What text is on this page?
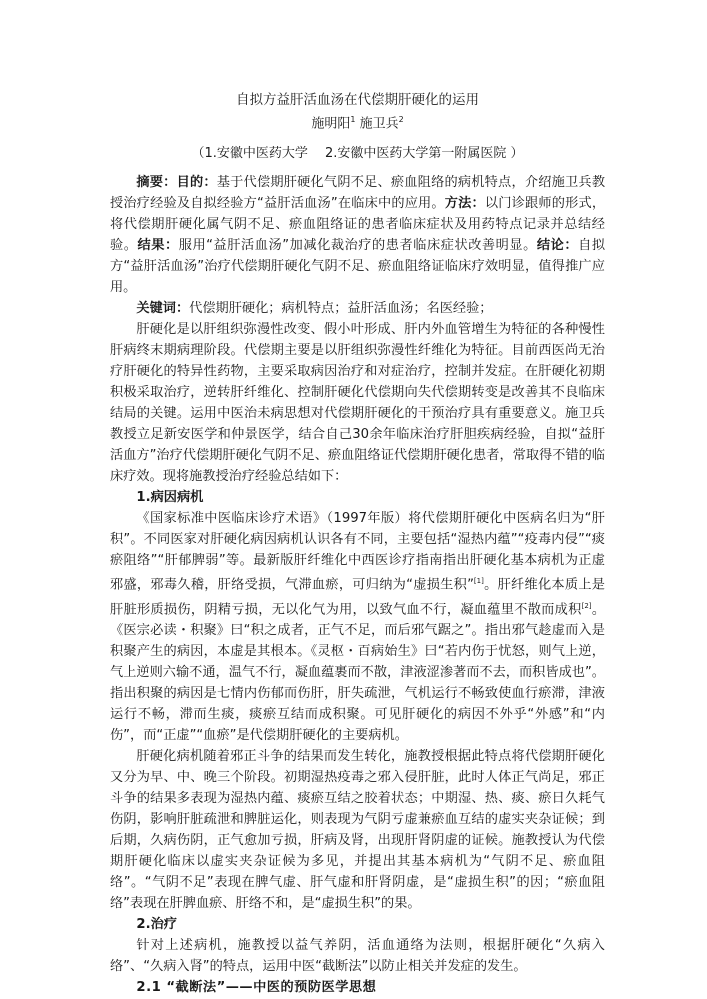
自拟方益肝活血汤在代偿期肝硬化的运用
施明阳$^1$ 施卫兵$^2$
（1.安徽中医药大学　 2.安徽中医药大学第一附属医院 ）

摘要：目的：基于代偿期肝硬化气阴不足、瘀血阻络的病机特点，介绍施卫兵教授治疗经验及自拟经验方“益肝活血汤”在临床中的应用。方法：以门诊跟师的形式，将代偿期肝硬化属气阴不足、瘀血阻络证的患者临床症状及用药特点记录并总结经验。结果：服用“益肝活血汤”加减化裁治疗的患者临床症状改善明显。结论：自拟方“益肝活血汤”治疗代偿期肝硬化气阴不足、瘀血阻络证临床疗效明显，值得推广应用。

关键词：代偿期肝硬化；病机特点；益肝活血汤；名医经验；

肝硬化是以肝组织弥漫性改变、假小叶形成、肝内外血管增生为特征的各种慢性肝病终末期病理阶段。代偿期主要是以肝组织弥漫性纤维化为特征。目前西医尚无治疗肝硬化的特异性药物，主要采取病因治疗和对症治疗，控制并发症。在肝硬化初期积极采取治疗，逆转肝纤维化、控制肝硬化代偿期向失代偿期转变是改善其不良临床结局的关键。运用中医治未病思想对代偿期肝硬化的干预治疗具有重要意义。施卫兵教授立足新安医学和仲景医学，结合自己30余年临床治疗肝胆疾病经验，自拟“益肝活血方”治疗代偿期肝硬化气阴不足、瘀血阻络证代偿期肝硬化患者，常取得不错的临床疗效。现将施教授治疗经验总结如下：

1.病因病机

《国家标准中医临床诊疗术语》（1997年版）将代偿期肝硬化中医病名归为“肝积”。不同医家对肝硬化病因病机认识各有不同，主要包括“湿热内蕴”“疫毒内侵”“痰瘀阻络”“肝郁脾弱”等。最新版肝纤维化中西医诊疗指南指出肝硬化基本病机为正虚邪盛，邪毒久稽，肝络受损，气滞血瘀，可归纳为“虚损生积”[1]。肝纤维化本质上是肝脏形质损伤，阴精亏损，无以化气为用，以致气血不行，凝血蕴里不散而成积[2]。《医宗必读・积聚》曰“积之成者，正气不足，而后邪气踞之”。指出邪气趁虚而入是积聚产生的病因，本虚是其根本。《灵枢・百病始生》曰“若内伤于忧怒，则气上逆，气上逆则六输不通，温气不行，凝血蕴裹而不散，津液涩渗著而不去，而积皆成也”。指出积聚的病因是七情内伤郁而伤肝，肝失疏泄，气机运行不畅致使血行瘀滞，津液运行不畅，滞而生痰，痰瘀互结而成积聚。可见肝硬化的病因不外乎“外感”和“内伤”，而“正虚”“血瘀”是代偿期肝硬化的主要病机。

肝硬化病机随着邪正斗争的结果而发生转化，施教授根据此特点将代偿期肝硬化又分为早、中、晚三个阶段。初期湿热疫毒之邪入侵肝脏，此时人体正气尚足，邪正斗争的结果多表现为湿热内蕴、痰瘀互结之胶着状态；中期湿、热、痰、瘀日久耗气伤阴，影响肝脏疏泄和脾脏运化，则表现为气阴亏虚兼瘀血互结的虚实夹杂证候；到后期，久病伤阴，正气愈加亏损，肝病及肾，出现肝肾阴虚的证候。施教授认为代偿期肝硬化临床以虚实夹杂证候为多见，并提出其基本病机为“气阴不足、瘀血阻络”。“气阴不足”表现在脾气虚、肝气虚和肝肾阴虚，是“虚损生积”的因；“瘀血阻络”表现在肝脾血瘀、肝络不和，是“虚损生积”的果。

2.治疗

针对上述病机，施教授以益气养阴，活血通络为法则，根据肝硬化“久病入络”、“久病入肾”的特点，运用中医“截断法”以防止相关并发症的发生。

2.1 “截断法”——中医的预防医学思想
